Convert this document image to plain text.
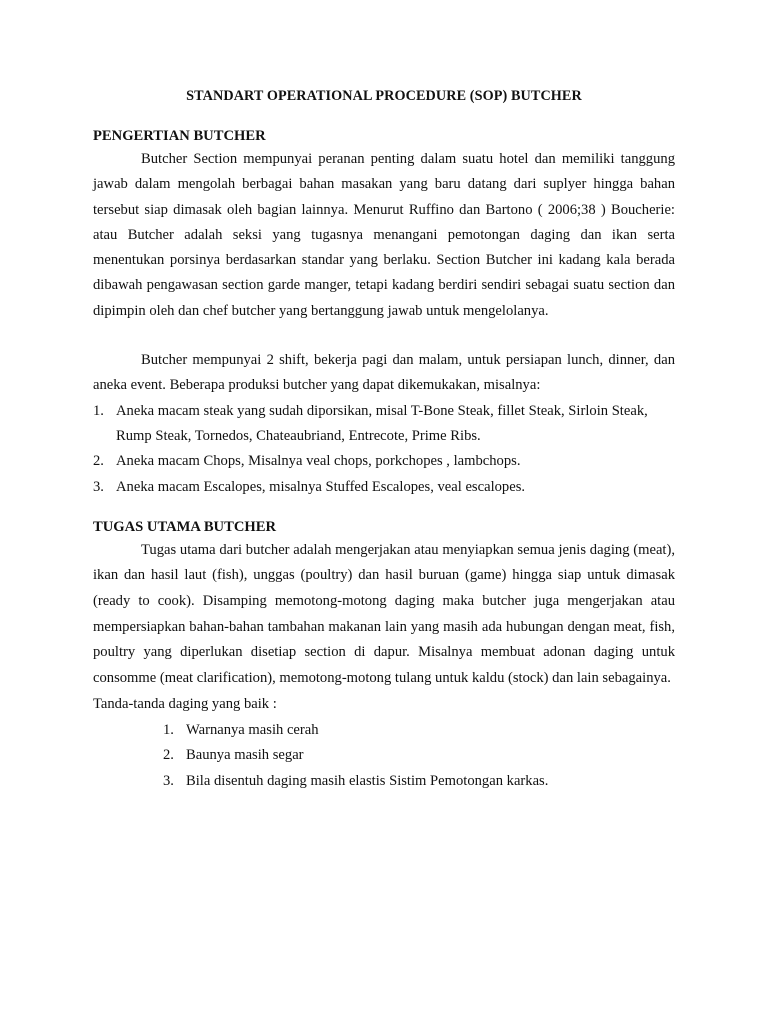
STANDART OPERATIONAL PROCEDURE (SOP) BUTCHER
PENGERTIAN BUTCHER

Butcher Section mempunyai peranan penting dalam suatu hotel dan memiliki tanggung jawab dalam mengolah berbagai bahan masakan yang baru datang dari suplyer hingga bahan tersebut siap dimasak oleh bagian lainnya. Menurut Ruffino dan Bartono ( 2006;38 ) Boucherie: atau Butcher adalah seksi yang tugasnya menangani pemotongan daging dan ikan serta menentukan porsinya berdasarkan standar yang berlaku. Section Butcher ini kadang kala berada dibawah pengawasan section garde manger, tetapi kadang berdiri sendiri sebagai suatu section dan dipimpin oleh dan chef butcher yang bertanggung jawab untuk mengelolanya.

Butcher mempunyai 2 shift, bekerja pagi dan malam, untuk persiapan lunch, dinner, dan aneka event. Beberapa produksi butcher yang dapat dikemukakan, misalnya:

1. Aneka macam steak yang sudah diporsikan, misal T-Bone Steak, fillet Steak, Sirloin Steak, Rump Steak, Tornedos, Chateaubriand, Entrecote, Prime Ribs.
2. Aneka macam Chops, Misalnya veal chops, porkchopes , lambchops.
3. Aneka macam Escalopes, misalnya Stuffed Escalopes, veal escalopes.
TUGAS UTAMA BUTCHER

Tugas utama dari butcher adalah mengerjakan atau menyiapkan semua jenis daging (meat), ikan dan hasil laut (fish), unggas (poultry) dan hasil buruan (game) hingga siap untuk dimasak (ready to cook). Disamping memotong-motong daging maka butcher juga mengerjakan atau mempersiapkan bahan-bahan tambahan makanan lain yang masih ada hubungan dengan meat, fish, poultry yang diperlukan disetiap section di dapur. Misalnya membuat adonan daging untuk consomme (meat clarification), memotong-motong tulang untuk kaldu (stock) dan lain sebagainya.

Tanda-tanda daging yang baik :

1. Warnanya masih cerah
2. Baunya masih segar
3. Bila disentuh daging masih elastis Sistim Pemotongan karkas.
